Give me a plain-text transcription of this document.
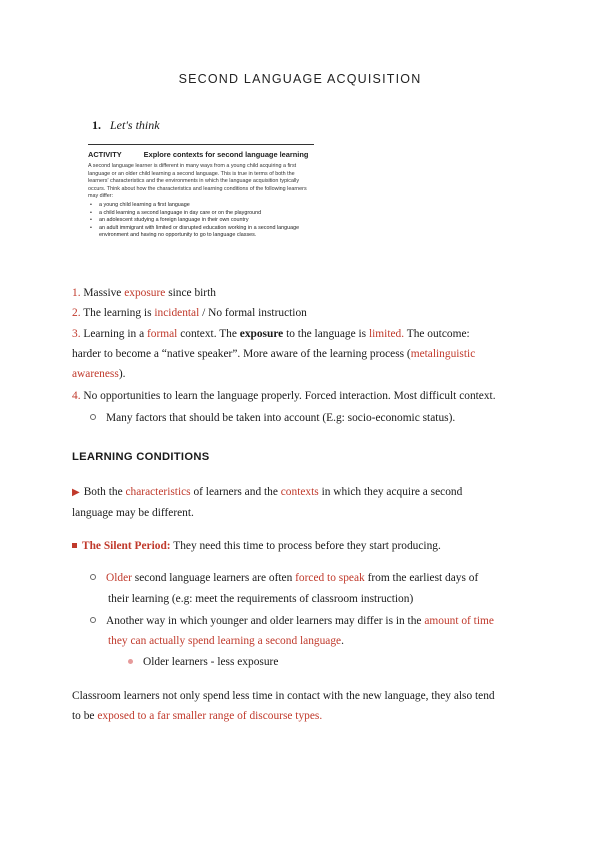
SECOND LANGUAGE ACQUISITION
1. Let's think
ACTIVITY	Explore contexts for second language learning
A second language learner is different in many ways from a young child acquiring a first language or an older child learning a second language. This is true in terms of both the learners' characteristics and the environments in which the language acquisition typically occurs. Think about how the characteristics and learning conditions of the following learners may differ:
• a young child learning a first language
• a child learning a second language in day care or on the playground
• an adolescent studying a foreign language in their own country
• an adult immigrant with limited or disrupted education working in a second language environment and having no opportunity to go to language classes.
1. Massive exposure since birth
2. The learning is incidental / No formal instruction
3. Learning in a formal context. The exposure to the language is limited. The outcome:
harder to become a “native speaker”. More aware of the learning process (metalinguistic
awareness).
4. No opportunities to learn the language properly. Forced interaction. Most difficult context.
Many factors that should be taken into account (E.g: socio-economic status).
LEARNING CONDITIONS
▶ Both the characteristics of learners and the contexts in which they acquire a second
language may be different.
The Silent Period: They need this time to process before they start producing.
Older second language learners are often forced to speak from the earliest days of
their learning (e.g: meet the requirements of classroom instruction)
Another way in which younger and older learners may differ is in the amount of time
they can actually spend learning a second language.
Older learners - less exposure
Classroom learners not only spend less time in contact with the new language, they also tend
to be exposed to a far smaller range of discourse types.
